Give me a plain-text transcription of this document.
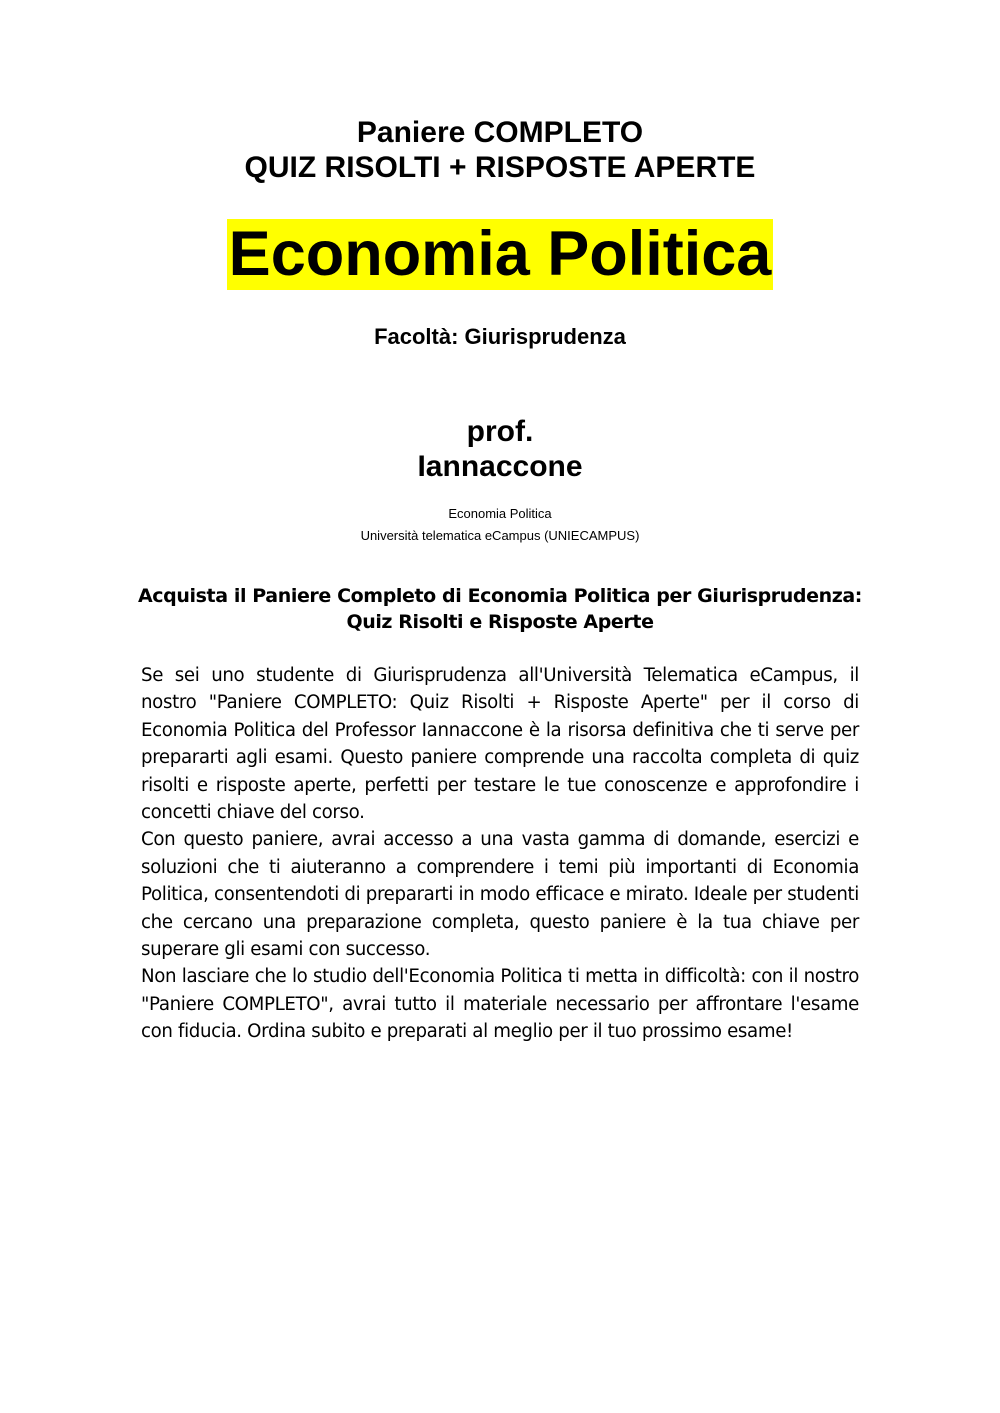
Paniere COMPLETO
QUIZ RISOLTI + RISPOSTE APERTE
Economia Politica
Facoltà: Giurisprudenza
prof.
Iannaccone
Economia Politica
Università telematica eCampus (UNIECAMPUS)
Acquista il Paniere Completo di Economia Politica per Giurisprudenza: Quiz Risolti e Risposte Aperte

Se sei uno studente di Giurisprudenza all'Università Telematica eCampus, il nostro "Paniere COMPLETO: Quiz Risolti + Risposte Aperte" per il corso di Economia Politica del Professor Iannaccone è la risorsa definitiva che ti serve per prepararti agli esami. Questo paniere comprende una raccolta completa di quiz risolti e risposte aperte, perfetti per testare le tue conoscenze e approfondire i concetti chiave del corso.

Con questo paniere, avrai accesso a una vasta gamma di domande, esercizi e soluzioni che ti aiuteranno a comprendere i temi più importanti di Economia Politica, consentendoti di prepararti in modo efficace e mirato. Ideale per studenti che cercano una preparazione completa, questo paniere è la tua chiave per superare gli esami con successo.

Non lasciare che lo studio dell'Economia Politica ti metta in difficoltà: con il nostro "Paniere COMPLETO", avrai tutto il materiale necessario per affrontare l'esame con fiducia. Ordina subito e preparati al meglio per il tuo prossimo esame!
